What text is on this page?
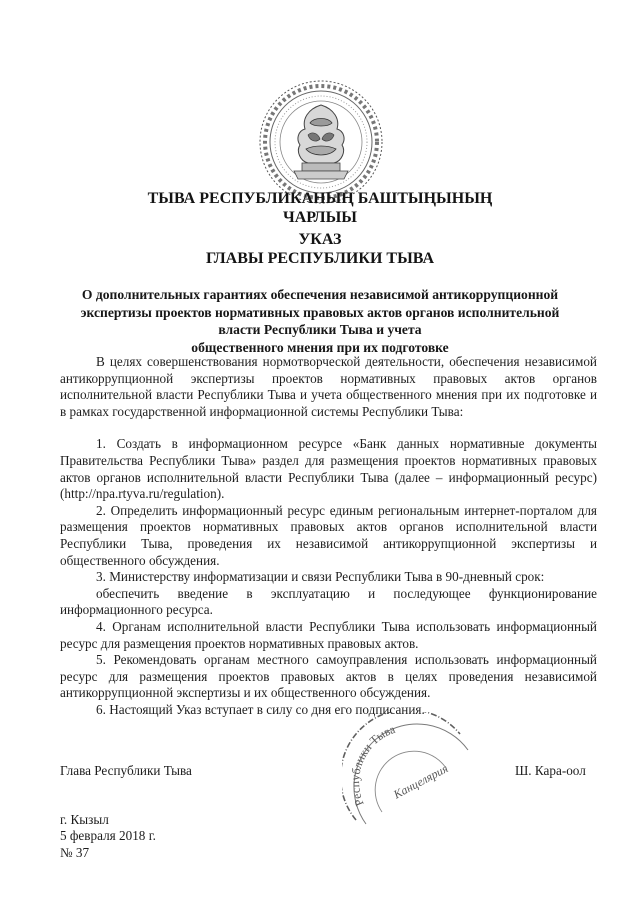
ТЫВА РЕСПУБЛИКАНЫҢ БАШТЫҢЫНЫҢ
ЧАРЛЫЫ
УКАЗ
ГЛАВЫ РЕСПУБЛИКИ ТЫВА
О дополнительных гарантиях обеспечения независимой антикоррупционной
экспертизы проектов нормативных правовых актов органов исполнительной
власти Республики Тыва и учета
общественного мнения при их подготовке

В целях совершенствования нормотворческой деятельности, обеспечения независимой антикоррупционной экспертизы проектов нормативных правовых актов органов исполнительной власти Республики Тыва и учета общественного мнения при их подготовке и в рамках государственной информационной системы Республики Тыва:

1. Создать в информационном ресурсе «Банк данных нормативные документы Правительства Республики Тыва» раздел для размещения проектов нормативных правовых актов органов исполнительной власти Республики Тыва (далее – информационный ресурс) (http://npa.rtyva.ru/regulation).

2. Определить информационный ресурс единым региональным интернет-порталом для размещения проектов нормативных правовых актов органов исполнительной власти Республики Тыва, проведения их независимой антикоррупционной экспертизы и общественного обсуждения.

3. Министерству информатизации и связи Республики Тыва в 90-дневный срок:

обеспечить введение в эксплуатацию и последующее функционирование информационного ресурса.

4. Органам исполнительной власти Республики Тыва использовать информационный ресурс для размещения проектов нормативных правовых актов.

5. Рекомендовать органам местного самоуправления использовать информационный ресурс для размещения проектов правовых актов в целях проведения независимой антикоррупционной экспертизы и их общественного обсуждения.

6. Настоящий Указ вступает в силу со дня его подписания.

Республики Тыва
Канцелярия
Глава Республики Тыва	Ш. Кара-оол
г. Кызыл
5 февраля 2018 г.
№ 37
